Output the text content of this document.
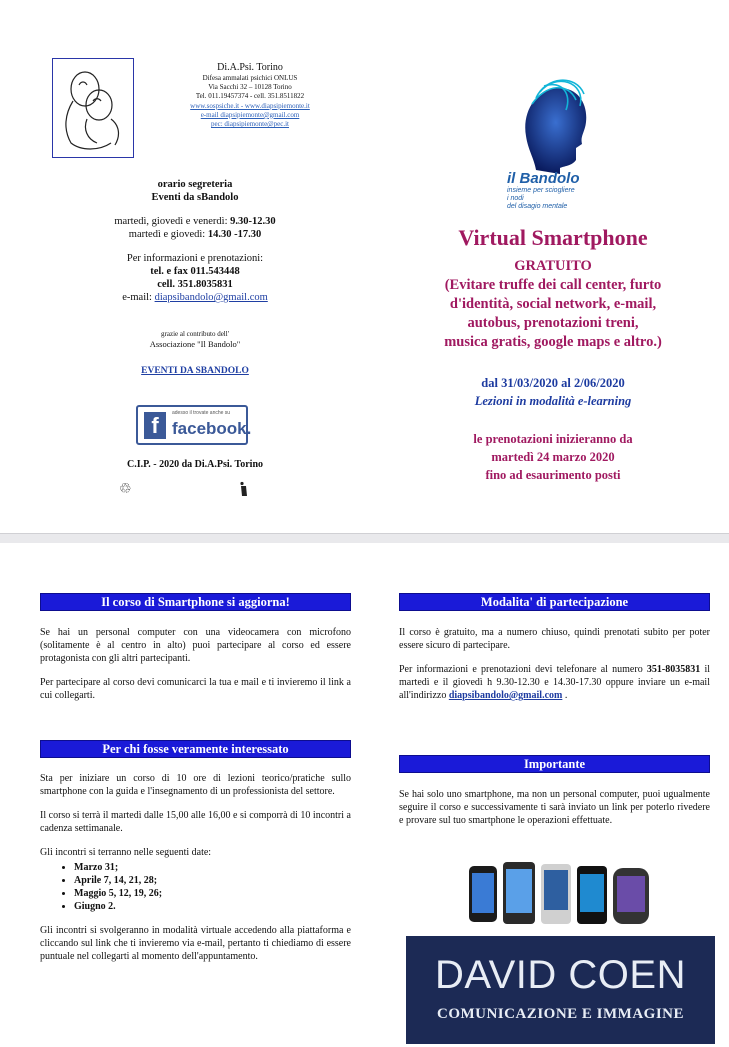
Di.A.Psi. Torino
Difesa ammalati psichici ONLUS
Via Sacchi 32 – 10128 Torino
Tel. 011.19457374 - cell. 351.8511822
www.sospsiche.it - www.diapsipiemonte.it
e-mail diapsipiemonte@gmail.com
pec: diapsipiemonte@pec.it
orario segreteria
Eventi da sBandolo
martedì, giovedì e venerdì: 9.30-12.30
martedì e giovedì: 14.30 -17.30
Per informazioni e prenotazioni:
tel. e fax 011.543448
cell. 351.8035831
e-mail: diapsibandolo@gmail.com
grazie al contributo dell'
Associazione "Il Bandolo"
EVENTI DA SBANDOLO
f	adesso il trovate anche su
facebook.
C.I.P. - 2020 da Di.A.Psi. Torino
♲
il Bandolo
insieme per sciogliere
i nodi
del disagio mentale
Virtual Smartphone
GRATUITO
(Evitare truffe dei call center, furto
d'identità, social network, e-mail,
autobus, prenotazioni treni,
musica gratis, google maps e altro.)
dal 31/03/2020 al 2/06/2020
Lezioni in modalità e-learning
le prenotazioni inizieranno da
martedì 24 marzo 2020
fino ad esaurimento posti
Il corso di Smartphone si aggiorna!

Se hai un personal computer con una videocamera con microfono (solitamente è al centro in alto) puoi partecipare al corso ed essere protagonista con gli altri partecipanti.

Per partecipare al corso devi comunicarci la tua e mail e ti invieremo il link a cui collegarti.

Per chi fosse veramente interessato

Sta per iniziare un corso di 10 ore di lezioni teorico/pratiche sullo smartphone con la guida e l'insegnamento di un professionista del settore.

Il corso si terrà il martedì dalle 15,00 alle 16,00 e si comporrà di 10 incontri a cadenza settimanale.

Gli incontri si terranno nelle seguenti date:

• Marzo 31;
• Aprile 7, 14, 21, 28;
• Maggio 5, 12, 19, 26;
• Giugno 2.

Gli incontri si svolgeranno in modalità virtuale accedendo alla piattaforma e cliccando sul link che ti invieremo via e-mail, pertanto ti chiediamo di essere puntuale nel collegarti al momento dell'appuntamento.

Modalita' di partecipazione

Il corso è gratuito, ma a numero chiuso, quindi prenotati subito per poter essere sicuro di partecipare.

Per informazioni e prenotazioni devi telefonare al numero 351-8035831 il martedì e il giovedì h 9.30-12.30 e 14.30-17.30 oppure inviare un e-mail all'indirizzo diapsibandolo@gmail.com .

Importante

Se hai solo uno smartphone, ma non un personal computer, puoi ugualmente seguire il corso e successivamente ti sarà inviato un link per poterlo rivedere e provare sul tuo smartphone le operazioni effettuate.

DAVID COEN
COMUNICAZIONE E IMMAGINE
